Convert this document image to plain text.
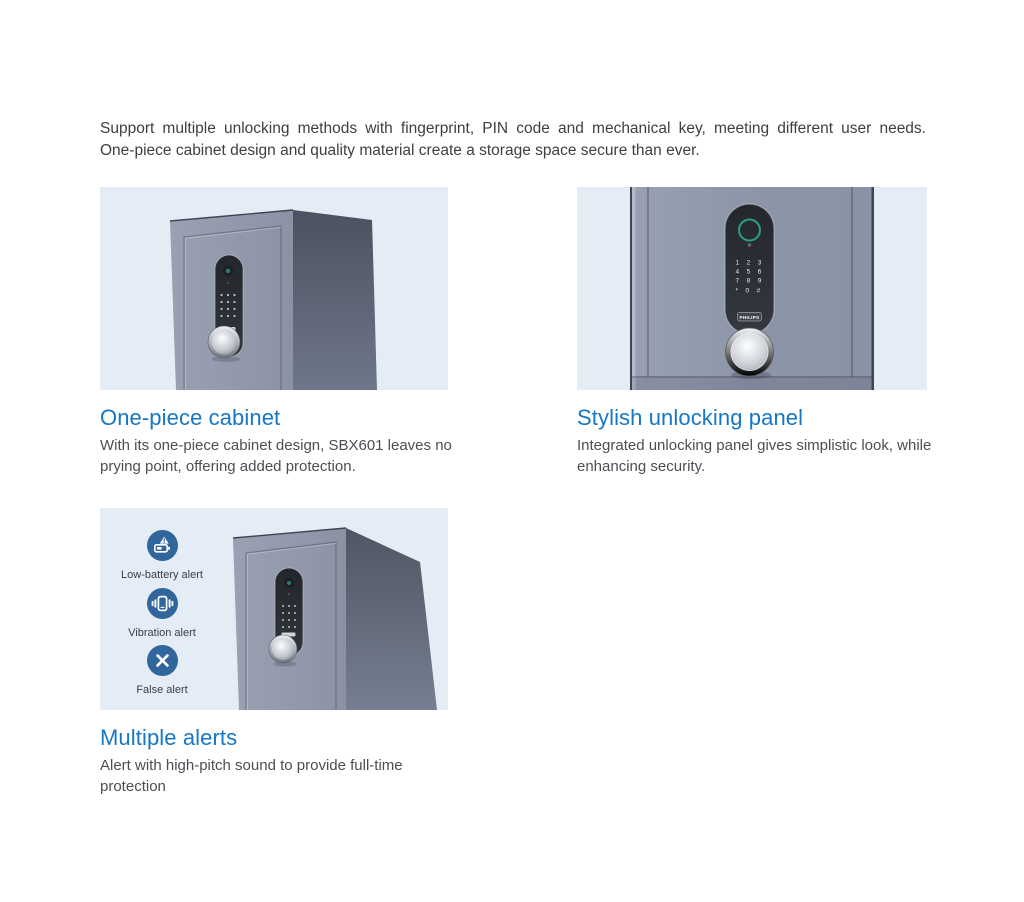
Support multiple unlocking methods with fingerprint, PIN code and mechanical key, meeting different user needs.
One-piece cabinet design and quality material create a storage space secure than ever.
123
456
789
*0#
PHILIPS
Low-battery alert
Vibration alert
False alert
One-piece cabinet

With its one-piece cabinet design, SBX601 leaves no prying point, offering added protection.

Stylish unlocking panel

Integrated unlocking panel gives simplistic look, while enhancing security.

Multiple alerts

Alert with high-pitch sound to provide full-time protection
